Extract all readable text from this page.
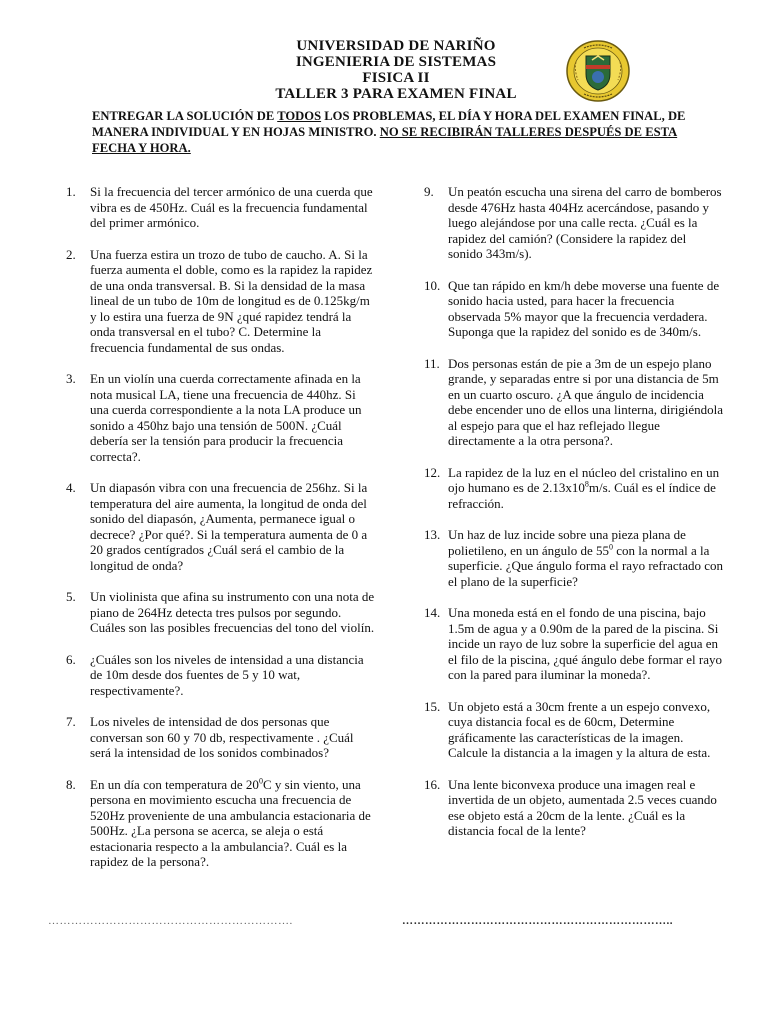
UNIVERSIDAD DE NARIÑO
INGENIERIA DE SISTEMAS
FISICA II
TALLER 3 PARA EXAMEN FINAL
ENTREGAR LA SOLUCIÓN DE TODOS LOS PROBLEMAS, EL DÍA Y HORA DEL EXAMEN FINAL, DE MANERA INDIVIDUAL Y EN HOJAS MINISTRO. NO SE RECIBIRÁN TALLERES DESPUÉS DE ESTA FECHA Y HORA.
1.	Si la frecuencia del tercer armónico de una cuerda que vibra es de 450Hz. Cuál es la frecuencia fundamental del primer armónico.
2.	Una fuerza estira un trozo de tubo de caucho. A. Si la fuerza aumenta el doble, como es la rapidez la rapidez de una onda transversal. B. Si la densidad de la masa lineal de un tubo de 10m de longitud es de 0.125kg/m y lo estira una fuerza de 9N ¿qué rapidez tendrá la onda transversal en el tubo? C. Determine la frecuencia fundamental de sus ondas.
3.	En un violín una cuerda correctamente afinada en la nota musical LA, tiene una frecuencia de 440hz. Si una cuerda correspondiente a la nota LA produce un sonido a 450hz bajo una tensión de 500N. ¿Cuál debería ser la tensión para producir la frecuencia correcta?.
4.	Un diapasón vibra con una frecuencia de 256hz. Si la temperatura del aire aumenta, la longitud de onda del sonido del diapasón, ¿Aumenta, permanece igual o decrece? ¿Por qué?. Si la temperatura aumenta de 0 a 20 grados centígrados ¿Cuál será el cambio de la longitud de onda?
5.	Un violinista que afina su instrumento con una nota de piano de 264Hz detecta tres pulsos por segundo. Cuáles son las posibles frecuencias del tono del violín.
6.	¿Cuáles son los niveles de intensidad a una distancia de 10m desde dos fuentes de 5 y 10 wat, respectivamente?.
7.	Los niveles de intensidad de dos personas que conversan son 60 y 70 db, respectivamente . ¿Cuál será la intensidad de los sonidos combinados?
8.	En un día con temperatura de $20^0C$ y sin viento, una persona en movimiento escucha una frecuencia de 520Hz proveniente de una ambulancia estacionaria de 500Hz. ¿La persona se acerca, se aleja o está estacionaria respecto a la ambulancia?. Cuál es la rapidez de la persona?.
9.	Un peatón escucha una sirena del carro de bomberos desde 476Hz hasta 404Hz acercándose, pasando y luego alejándose por una calle recta. ¿Cuál es la rapidez del camión? (Considere la rapidez del sonido 343m/s).
10. Que tan rápido en km/h debe moverse una fuente de sonido hacia usted, para hacer la frecuencia observada 5% mayor que la frecuencia verdadera. Suponga que la rapidez del sonido es de 340m/s.
11. Dos personas están de pie a 3m de un espejo plano grande, y separadas entre si por una distancia de 5m en un cuarto oscuro. ¿A que ángulo de incidencia debe encender uno de ellos una linterna, dirigiéndola al espejo para que el haz reflejado llegue directamente a la otra persona?.
12. La rapidez de la luz en el núcleo del cristalino en un ojo humano es de $2.13x10^8m/s$. Cuál es el índice de refracción.
13. Un haz de luz incide sobre una pieza plana de polietileno, en un ángulo de $55^0$ con la normal a la superficie. ¿Que ángulo forma el rayo refractado con el plano de la superficie?
14. Una moneda está en el fondo de una piscina, bajo 1.5m de agua y a 0.90m de la pared de la piscina. Si incide un rayo de luz sobre la superficie del agua en el filo de la piscina, ¿qué ángulo debe formar el rayo con la pared para iluminar la moneda?.
15. Un objeto está a 30cm frente a un espejo convexo, cuya distancia focal es de 60cm, Determine gráficamente las características de la imagen. Calcule la distancia a la imagen y la altura de esta.
16. Una lente biconvexa produce una imagen real e invertida de un objeto, aumentada 2.5 veces cuando ese objeto está a 20cm de la lente. ¿Cuál es la distancia focal de la lente?
……………………………………………………….	……………………………………………………………..
